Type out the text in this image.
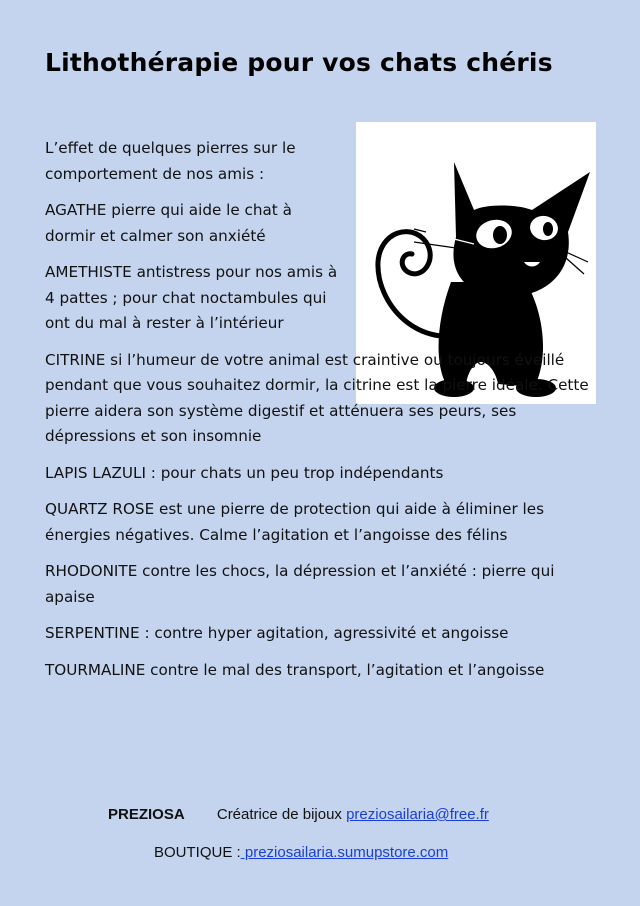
Lithothérapie pour vos chats chéris

L’effet de quelques pierres sur le comportement de nos amis :

AGATHE pierre qui aide le chat à dormir et calmer son anxiété

AMETHISTE antistress pour nos amis à 4 pattes ; pour chat noctambules qui ont du mal à rester à l’intérieur

CITRINE si l’humeur de votre animal est craintive ou toujours éveillé pendant que vous souhaitez dormir, la citrine est la pierre idéale. Cette pierre aidera son système digestif et atténuera ses peurs, ses dépressions et son insomnie

LAPIS LAZULI : pour chats un peu trop indépendants

QUARTZ ROSE est une pierre de protection qui aide à éliminer les énergies négatives. Calme l’agitation et l’angoisse des félins

RHODONITE contre les chocs, la dépression et l’anxiété : pierre qui apaise

SERPENTINE : contre hyper agitation, agressivité et angoisse

TOURMALINE contre le mal des transport, l’agitation et l’angoisse

PREZIOSA Créatrice de bijoux preziosailaria@free.fr
BOUTIQUE : preziosailaria.sumupstore.com
